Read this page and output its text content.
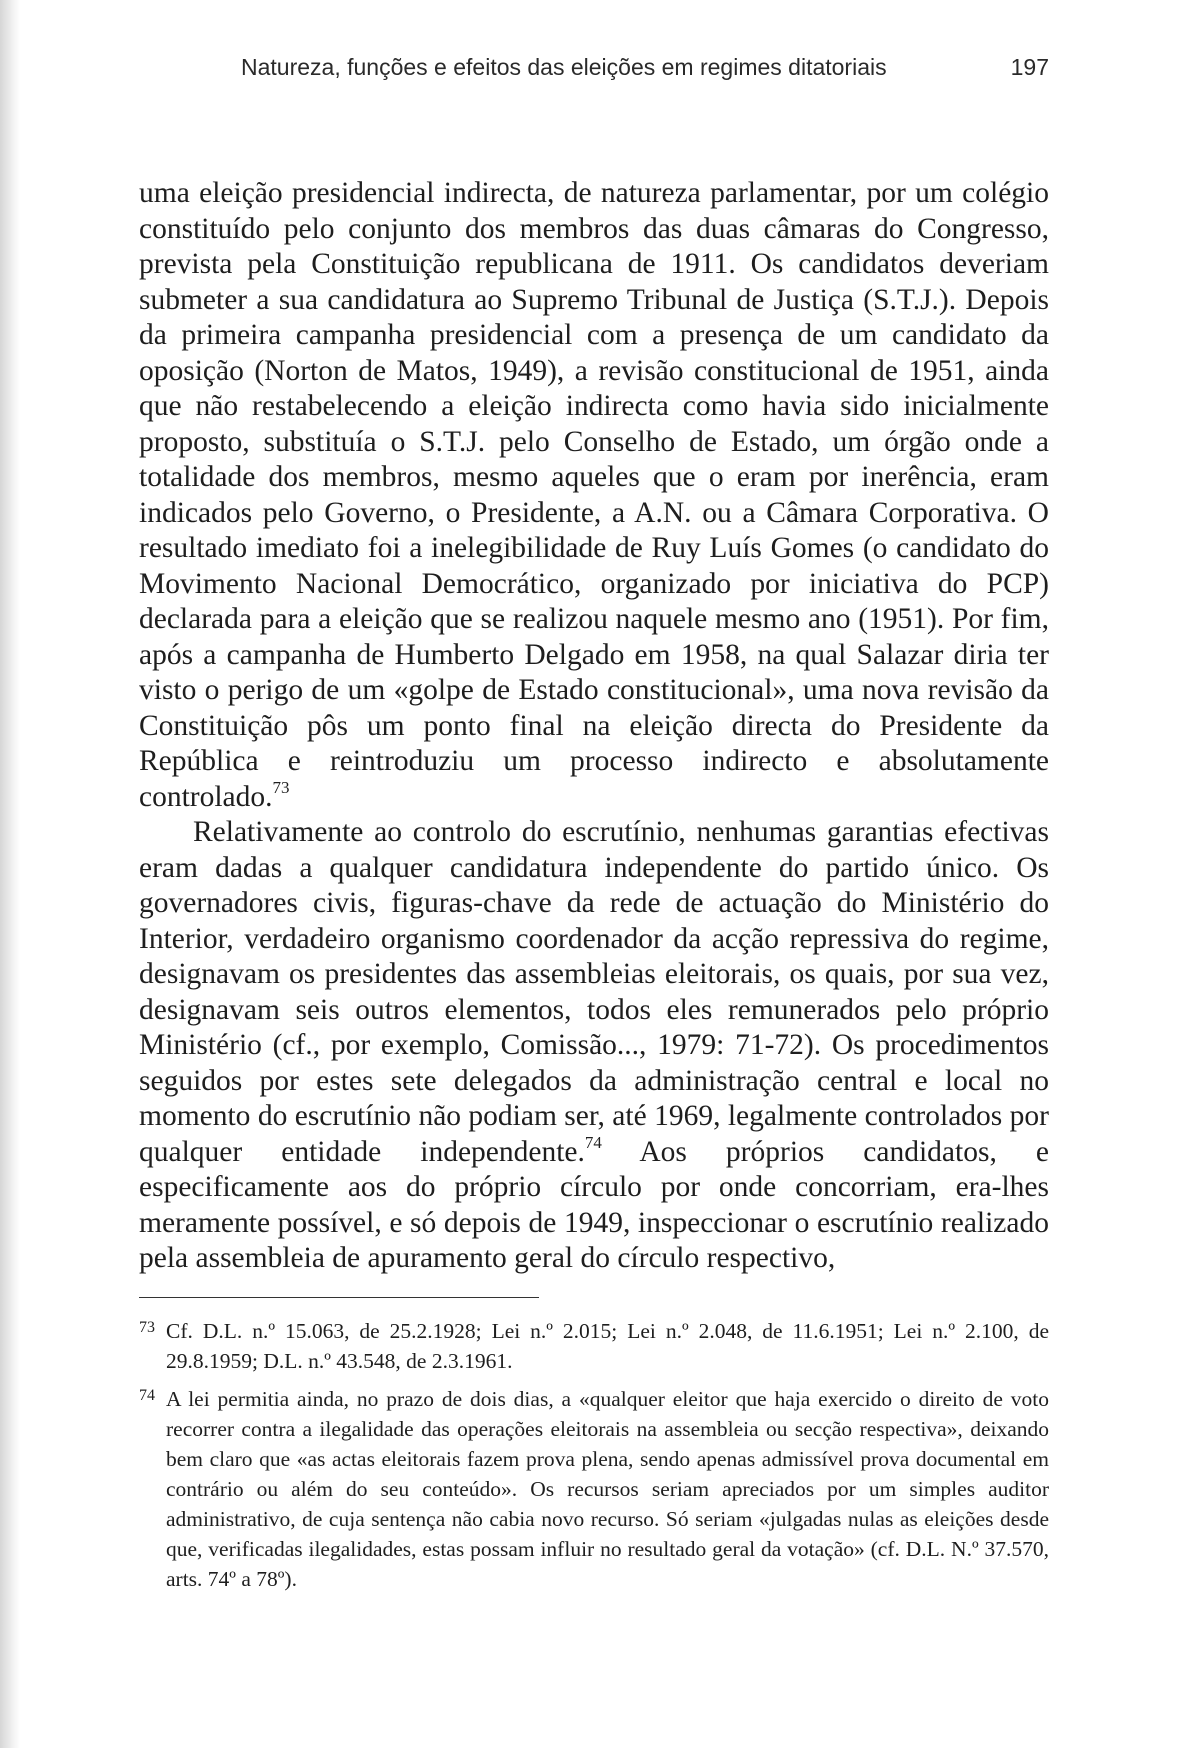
Natureza, funções e efeitos das eleições em regimes ditatoriais	197

uma eleição presidencial indirecta, de natureza parlamentar, por um colégio constituído pelo conjunto dos membros das duas câmaras do Congresso, prevista pela Constituição republicana de 1911. Os candidatos deveriam submeter a sua candidatura ao Supremo Tribunal de Justiça (S.T.J.). Depois da primeira campanha presidencial com a presença de um candidato da oposição (Norton de Matos, 1949), a revisão constitucional de 1951, ainda que não restabelecendo a eleição indirecta como havia sido inicialmente proposto, substituía o S.T.J. pelo Conselho de Estado, um órgão onde a totalidade dos membros, mesmo aqueles que o eram por inerência, eram indicados pelo Governo, o Presidente, a A.N. ou a Câmara Corporativa. O resultado imediato foi a inelegibilidade de Ruy Luís Gomes (o candidato do Movimento Nacional Democrático, organizado por iniciativa do PCP) declarada para a eleição que se realizou naquele mesmo ano (1951). Por fim, após a campanha de Humberto Delgado em 1958, na qual Salazar diria ter visto o perigo de um «golpe de Estado constitucional», uma nova revisão da Constituição pôs um ponto final na eleição directa do Presidente da República e reintroduziu um processo indirecto e absolutamente controlado.$^{73}$

Relativamente ao controlo do escrutínio, nenhumas garantias efectivas eram dadas a qualquer candidatura independente do partido único. Os governadores civis, figuras-chave da rede de actuação do Ministério do Interior, verdadeiro organismo coordenador da acção repressiva do regime, designavam os presidentes das assembleias eleitorais, os quais, por sua vez, designavam seis outros elementos, todos eles remunerados pelo próprio Ministério (cf., por exemplo, Comissão..., 1979: 71-72). Os procedimentos seguidos por estes sete delegados da administração central e local no momento do escrutínio não podiam ser, até 1969, legalmente controlados por qualquer entidade independente.$^{74}$ Aos próprios candidatos, e especificamente aos do próprio círculo por onde concorriam, era-lhes meramente possível, e só depois de 1949, inspeccionar o escrutínio realizado pela assembleia de apuramento geral do círculo respectivo,

73 Cf. D.L. n.º 15.063, de 25.2.1928; Lei n.º 2.015; Lei n.º 2.048, de 11.6.1951; Lei n.º 2.100, de 29.8.1959; D.L. n.º 43.548, de 2.3.1961.
74 A lei permitia ainda, no prazo de dois dias, a «qualquer eleitor que haja exercido o direito de voto recorrer contra a ilegalidade das operações eleitorais na assembleia ou secção respectiva», deixando bem claro que «as actas eleitorais fazem prova plena, sendo apenas admissível prova documental em contrário ou além do seu conteúdo». Os recursos seriam apreciados por um simples auditor administrativo, de cuja sentença não cabia novo recurso. Só seriam «julgadas nulas as eleições desde que, verificadas ilegalidades, estas possam influir no resultado geral da votação» (cf. D.L. N.º 37.570, arts. 74º a 78º).
